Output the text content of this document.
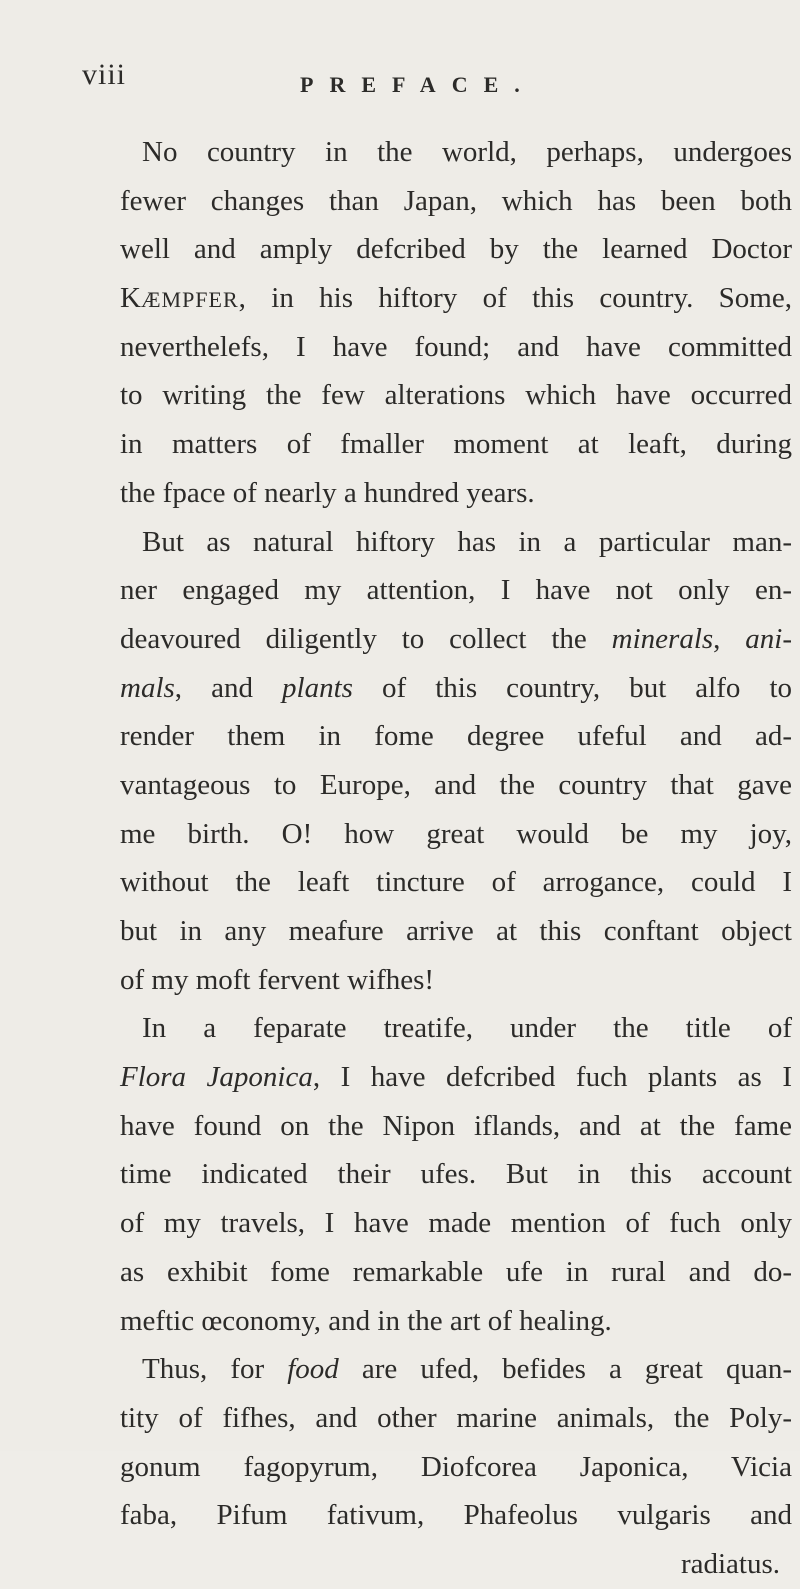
viii	PREFACE.
No country in the world, perhaps, undergoes
fewer changes than Japan, which has been both
well and amply defcribed by the learned Doctor
KÆMPFER, in his hiftory of this country. Some,
neverthelefs, I have found; and have committed
to writing the few alterations which have occurred
in matters of fmaller moment at leaft, during
the fpace of nearly a hundred years.
But as natural hiftory has in a particular man-
ner engaged my attention, I have not only en-
deavoured diligently to collect the minerals, ani-
mals, and plants of this country, but alfo to
render them in fome degree ufeful and ad-
vantageous to Europe, and the country that gave
me birth. O! how great would be my joy,
without the leaft tincture of arrogance, could I
but in any meafure arrive at this conftant object
of my moft fervent wifhes!
In a feparate treatife, under the title of
Flora Japonica, I have defcribed fuch plants as I
have found on the Nipon iflands, and at the fame
time indicated their ufes. But in this account
of my travels, I have made mention of fuch only
as exhibit fome remarkable ufe in rural and do-
meftic œconomy, and in the art of healing.
Thus, for food are ufed, befides a great quan-
tity of fifhes, and other marine animals, the Poly-
gonum fagopyrum, Diofcorea Japonica, Vicia
faba, Pifum fativum, Phafeolus vulgaris and
radiatus.
